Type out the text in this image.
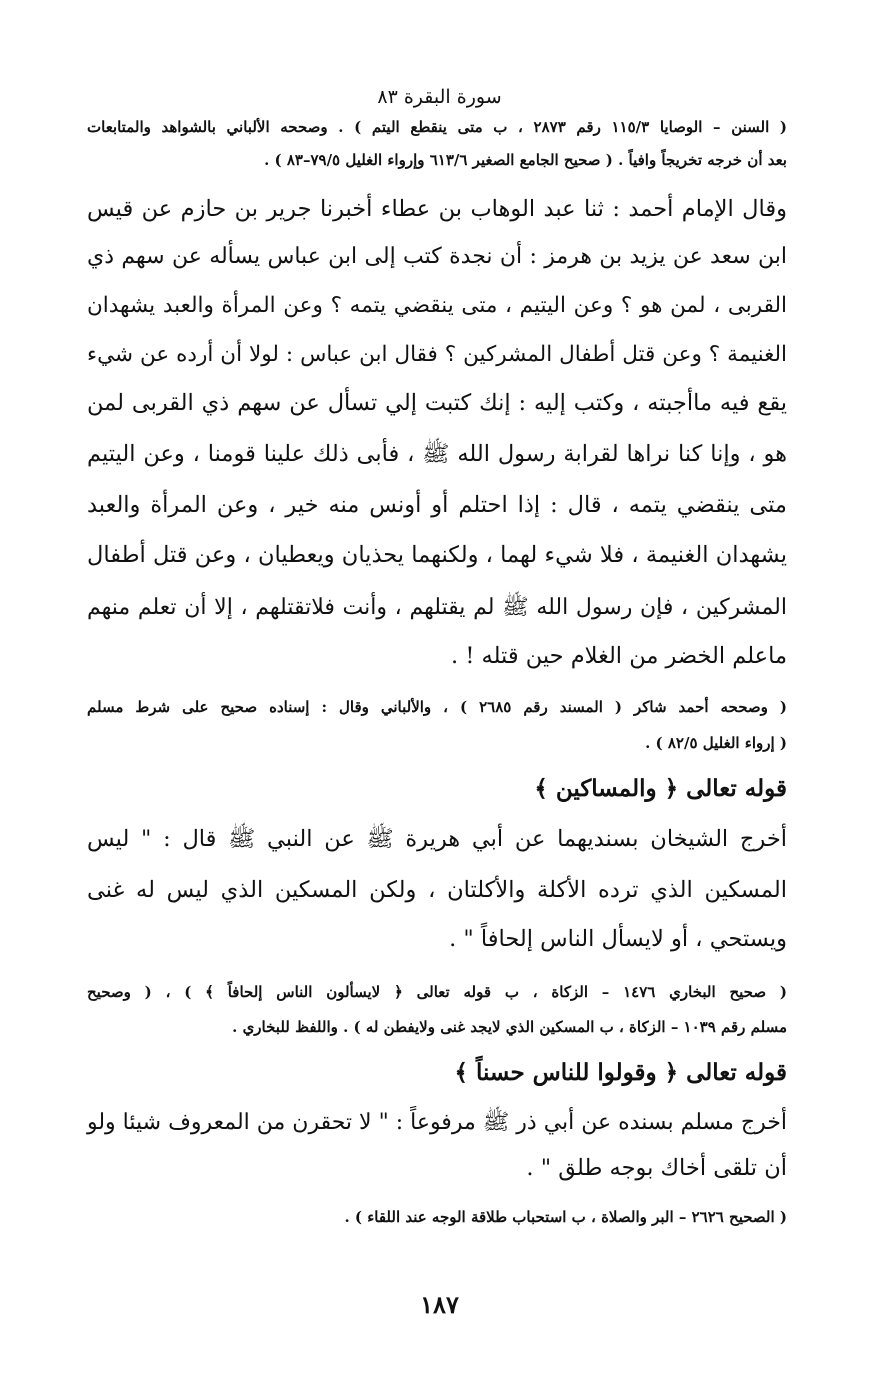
سورة البقرة ٨٣
( السنن – الوصايا ١١٥/٣ رقم ٢٨٧٣ ، ب متى ينقطع اليتم ) . وصححه الألباني بالشواهد والمتابعات
بعد أن خرجه تخريجاً وافياً . ( صحيح الجامع الصغير ٦١٣/٦ وإرواء الغليل ٧٩/٥–٨٣ ) .
وقال الإمام أحمد : ثنا عبد الوهاب بن عطاء أخبرنا جرير بن حازم عن قيس
ابن سعد عن يزيد بن هرمز : أن نجدة كتب إلى ابن عباس يسأله عن سهم ذي
القربى ، لمن هو ؟ وعن اليتيم ، متى ينقضي يتمه ؟ وعن المرأة والعبد يشهدان
الغنيمة ؟ وعن قتل أطفال المشركين ؟ فقال ابن عباس : لولا أن أرده عن شيء
يقع فيه ماأجبته ، وكتب إليه : إنك كتبت إلي تسأل عن سهم ذي القربى لمن
هو ، وإنا كنا نراها لقرابة رسول الله ﷺ ، فأبى ذلك علينا قومنا ، وعن اليتيم
متى ينقضي يتمه ، قال : إذا احتلم أو أونس منه خير ، وعن المرأة والعبد
يشهدان الغنيمة ، فلا شيء لهما ، ولكنهما يحذيان ويعطيان ، وعن قتل أطفال
المشركين ، فإن رسول الله ﷺ لم يقتلهم ، وأنت فلاتقتلهم ، إلا أن تعلم منهم
ماعلم الخضر من الغلام حين قتله ! .
( وصححه أحمد شاكر ( المسند رقم ٢٦٨٥ ) ، والألباني وقال : إسناده صحيح على شرط مسلم
( إرواء الغليل ٨٢/٥ ) .
قوله تعالى ﴿ والمساكين ﴾
أخرج الشيخان بسنديهما عن أبي هريرة ﷺ عن النبي ﷺ قال : " ليس
المسكين الذي ترده الأكلة والأكلتان ، ولكن المسكين الذي ليس له غنى
ويستحي ، أو لايسأل الناس إلحافاً " .
( صحيح البخاري ١٤٧٦ – الزكاة ، ب قوله تعالى ﴿ لايسألون الناس إلحافاً ﴾ ) ، ( وصحيح
مسلم رقم ١٠٣٩ – الزكاة ، ب المسكين الذي لايجد غنى ولايفطن له ) . واللفظ للبخاري .
قوله تعالى ﴿ وقولوا للناس حسناً ﴾
أخرج مسلم بسنده عن أبي ذر ﷺ مرفوعاً : " لا تحقرن من المعروف شيئا ولو
أن تلقى أخاك بوجه طلق " .
( الصحيح ٢٦٢٦ – البر والصلاة ، ب استحباب طلاقة الوجه عند اللقاء ) .
١٨٧
